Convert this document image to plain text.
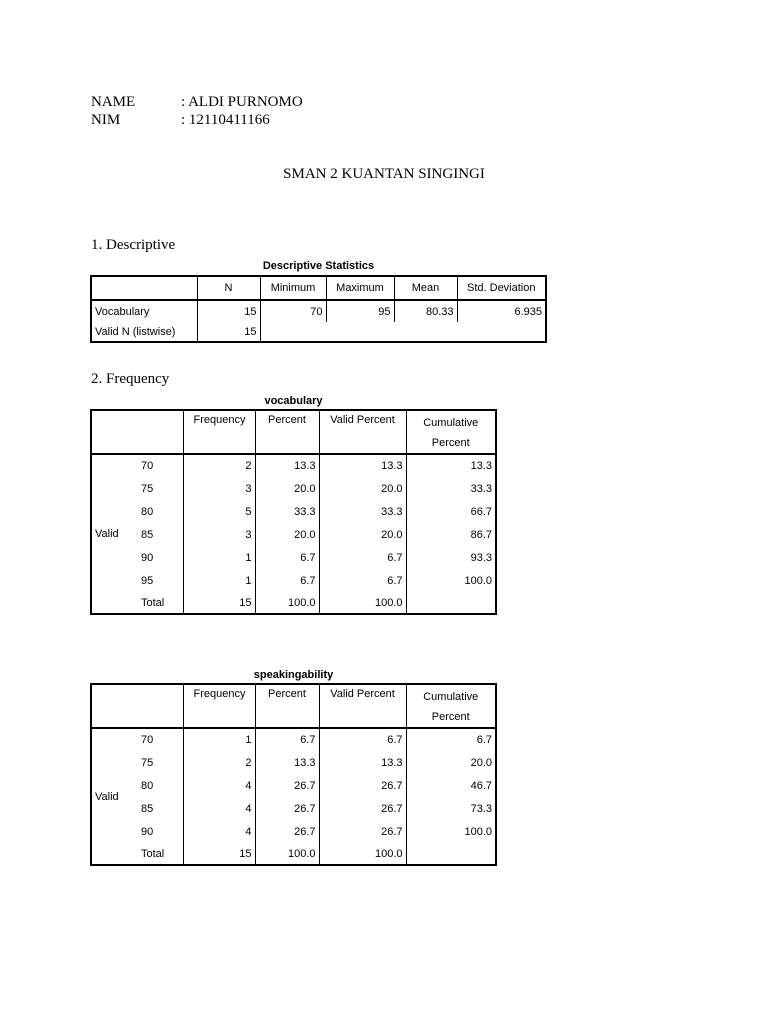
NAME	: ALDI PURNOMO
NIM	: 12110411166
SMAN 2 KUANTAN SINGINGI
1. Descriptive
Descriptive Statistics
	N	Minimum	Maximum	Mean	Std. Deviation
Vocabulary	15	70	95	80.33	6.935
Valid N (listwise)	15				
2. Frequency
vocabulary
		Frequency	Percent	Valid Percent	Cumulative
					Percent
Valid	70	2	13.3	13.3	13.3
	75	3	20.0	20.0	33.3
	80	5	33.3	33.3	66.7
	85	3	20.0	20.0	86.7
	90	1	6.7	6.7	93.3
	95	1	6.7	6.7	100.0
	Total	15	100.0	100.0	
speakingability
		Frequency	Percent	Valid Percent	Cumulative
					Percent
Valid	70	1	6.7	6.7	6.7
	75	2	13.3	13.3	20.0
	80	4	26.7	26.7	46.7
	85	4	26.7	26.7	73.3
	90	4	26.7	26.7	100.0
	Total	15	100.0	100.0	
